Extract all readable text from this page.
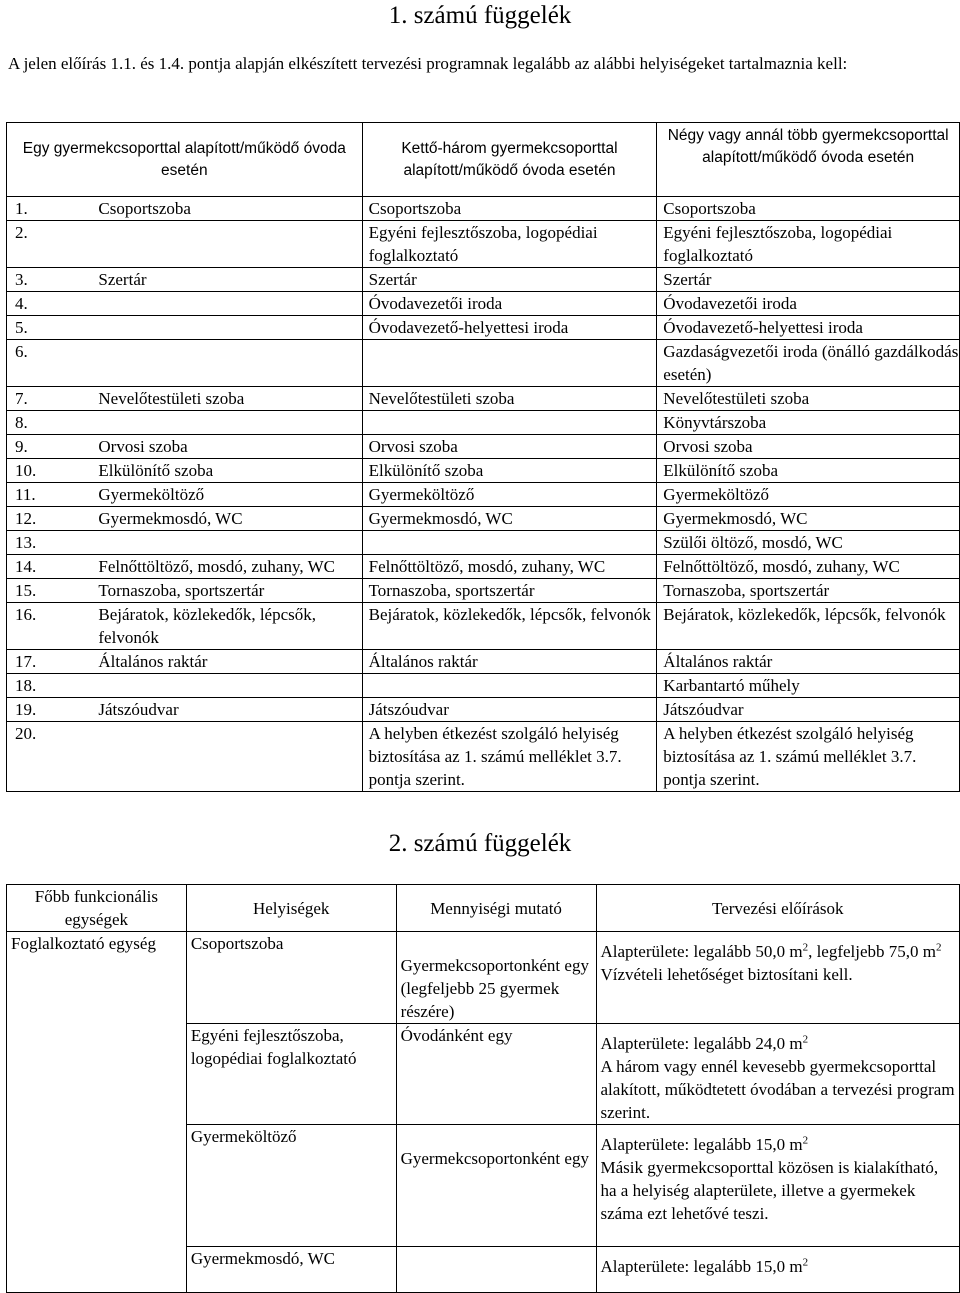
1. számú függelék
A jelen előírás 1.1. és 1.4. pontja alapján elkészített tervezési programnak legalább az alábbi helyiségeket tartalmaznia kell:
Egy gyermekcsoporttal alapított/működő óvoda esetén		Kettő-három gyermekcsoporttal alapított/működő óvoda esetén	Négy vagy annál több gyermekcsoporttal alapított/működő óvoda esetén
1.	Csoportszoba	Csoportszoba	Csoportszoba
2.		Egyéni fejlesztőszoba, logopédiai foglalkoztató	Egyéni fejlesztőszoba, logopédiai foglalkoztató
3.	Szertár	Szertár	Szertár
4.		Óvodavezetői iroda	Óvodavezetői iroda
5.		Óvodavezető-helyettesi iroda	Óvodavezető-helyettesi iroda
6.			Gazdaságvezetői iroda (önálló gazdálkodás esetén)
7.	Nevelőtestületi szoba	Nevelőtestületi szoba	Nevelőtestületi szoba
8.			Könyvtárszoba
9.	Orvosi szoba	Orvosi szoba	Orvosi szoba
10.	Elkülönítő szoba	Elkülönítő szoba	Elkülönítő szoba
11.	Gyermeköltöző	Gyermeköltöző	Gyermeköltöző
12.	Gyermekmosdó, WC	Gyermekmosdó, WC	Gyermekmosdó, WC
13.			Szülői öltöző, mosdó, WC
14.	Felnőttöltöző, mosdó, zuhany, WC	Felnőttöltöző, mosdó, zuhany, WC	Felnőttöltöző, mosdó, zuhany, WC
15.	Tornaszoba, sportszertár	Tornaszoba, sportszertár	Tornaszoba, sportszertár
16.	Bejáratok, közlekedők, lépcsők, felvonók	Bejáratok, közlekedők, lépcsők, felvonók	Bejáratok, közlekedők, lépcsők, felvonók
17.	Általános raktár	Általános raktár	Általános raktár
18.			Karbantartó műhely
19.	Játszóudvar	Játszóudvar	Játszóudvar
20.		A helyben étkezést szolgáló helyiség biztosítása az 1. számú melléklet 3.7. pontja szerint.	A helyben étkezést szolgáló helyiség biztosítása az 1. számú melléklet 3.7. pontja szerint.
2. számú függelék
Főbb funkcionális egységek	Helyiségek	Mennyiségi mutató	Tervezési előírások
Foglalkoztató egység	Csoportszoba	Gyermekcsoportonként egy (legfeljebb 25 gyermek részére)	Alapterülete: legalább 50,0 $m^2$, legfeljebb 75,0 $m^2$
Vízvételi lehetőséget biztosítani kell.

	Egyéni fejlesztőszoba, logopédiai foglalkoztató	Óvodánként egy	Alapterülete: legalább 24,0 $m^2$
A három vagy ennél kevesebb gyermekcsoporttal alakított, működtetett óvodában a tervezési program szerint.

	Gyermeköltöző	Gyermekcsoportonként egy	Alapterülete: legalább 15,0 $m^2$
Másik gyermekcsoporttal közösen is kialakítható, ha a helyiség alapterülete, illetve a gyermekek száma ezt lehetővé teszi.

	Gyermekmosdó, WC		Alapterülete: legalább 15,0 $m^2$
